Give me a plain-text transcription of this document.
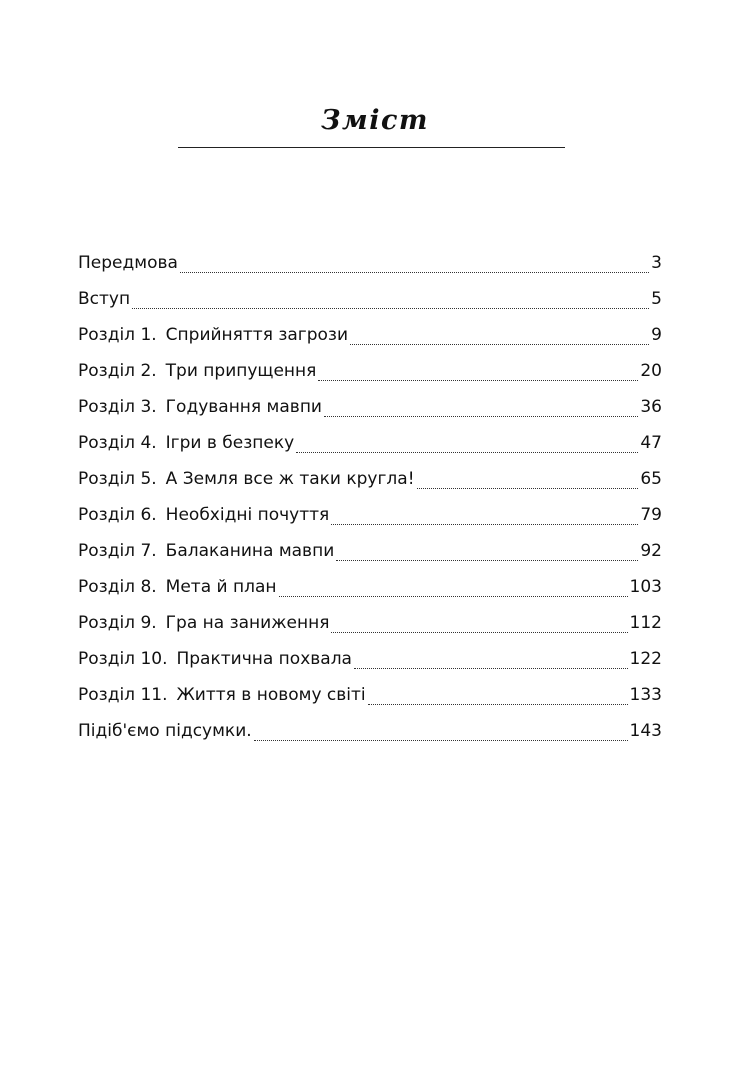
Зміст
Передмова	3
Вступ	5
Розділ 1. Сприйняття загрози	9
Розділ 2. Три припущення	20
Розділ 3. Годування мавпи	36
Розділ 4. Ігри в безпеку	47
Розділ 5. А Земля все ж таки кругла!	65
Розділ 6. Необхідні почуття	79
Розділ 7. Балаканина мавпи	92
Розділ 8. Мета й план	103
Розділ 9. Гра на заниження	112
Розділ 10. Практична похвала	122
Розділ 11. Життя в новому світі	133
Підіб'ємо підсумки.	143
